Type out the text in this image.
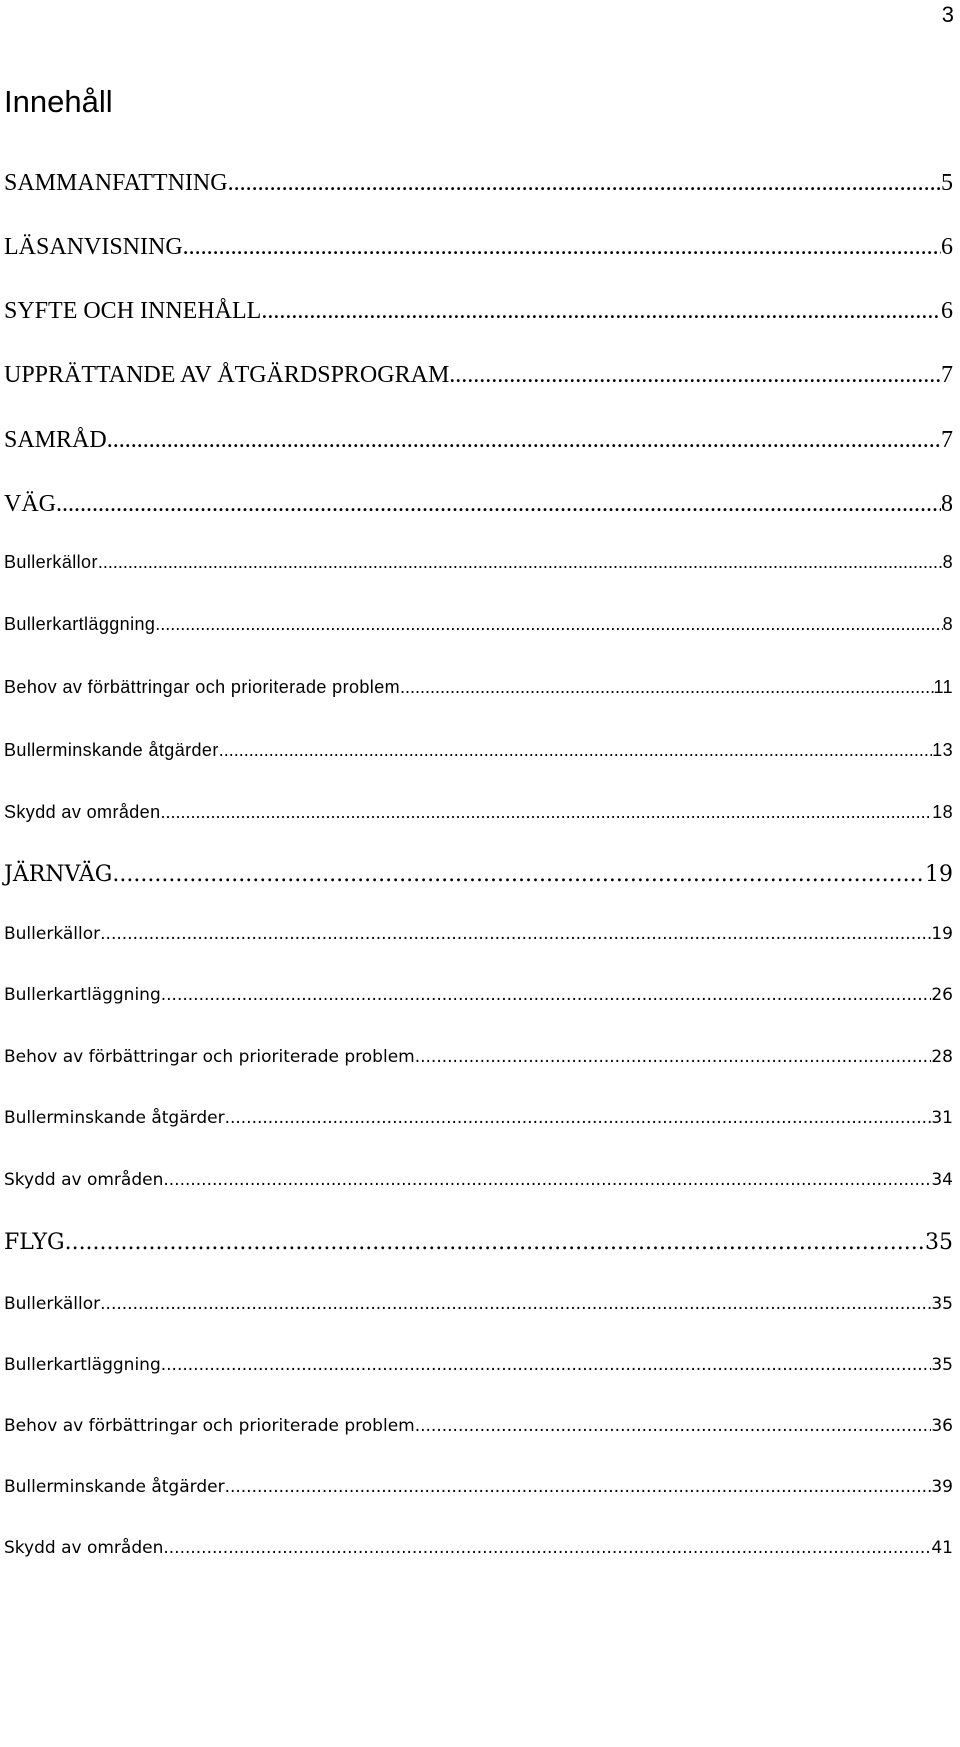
3
Innehåll
SAMMANFATTNING .....	5
LÄSANVISNING .....	6
SYFTE OCH INNEHÅLL .....	6
UPPRÄTTANDE AV ÅTGÄRDSPROGRAM .....	7
SAMRÅD .....	7
VÄG .....	8
Bullerkällor .....	8
Bullerkartläggning .....	8
Behov av förbättringar och prioriterade problem .....	11
Bullerminskande åtgärder .....	13
Skydd av områden .....	18
JÄRNVÄG .....	19
Bullerkällor .....	19
Bullerkartläggning .....	26
Behov av förbättringar och prioriterade problem .....	28
Bullerminskande åtgärder .....	31
Skydd av områden .....	34
FLYG .....	35
Bullerkällor .....	35
Bullerkartläggning .....	35
Behov av förbättringar och prioriterade problem .....	36
Bullerminskande åtgärder .....	39
Skydd av områden .....	41
